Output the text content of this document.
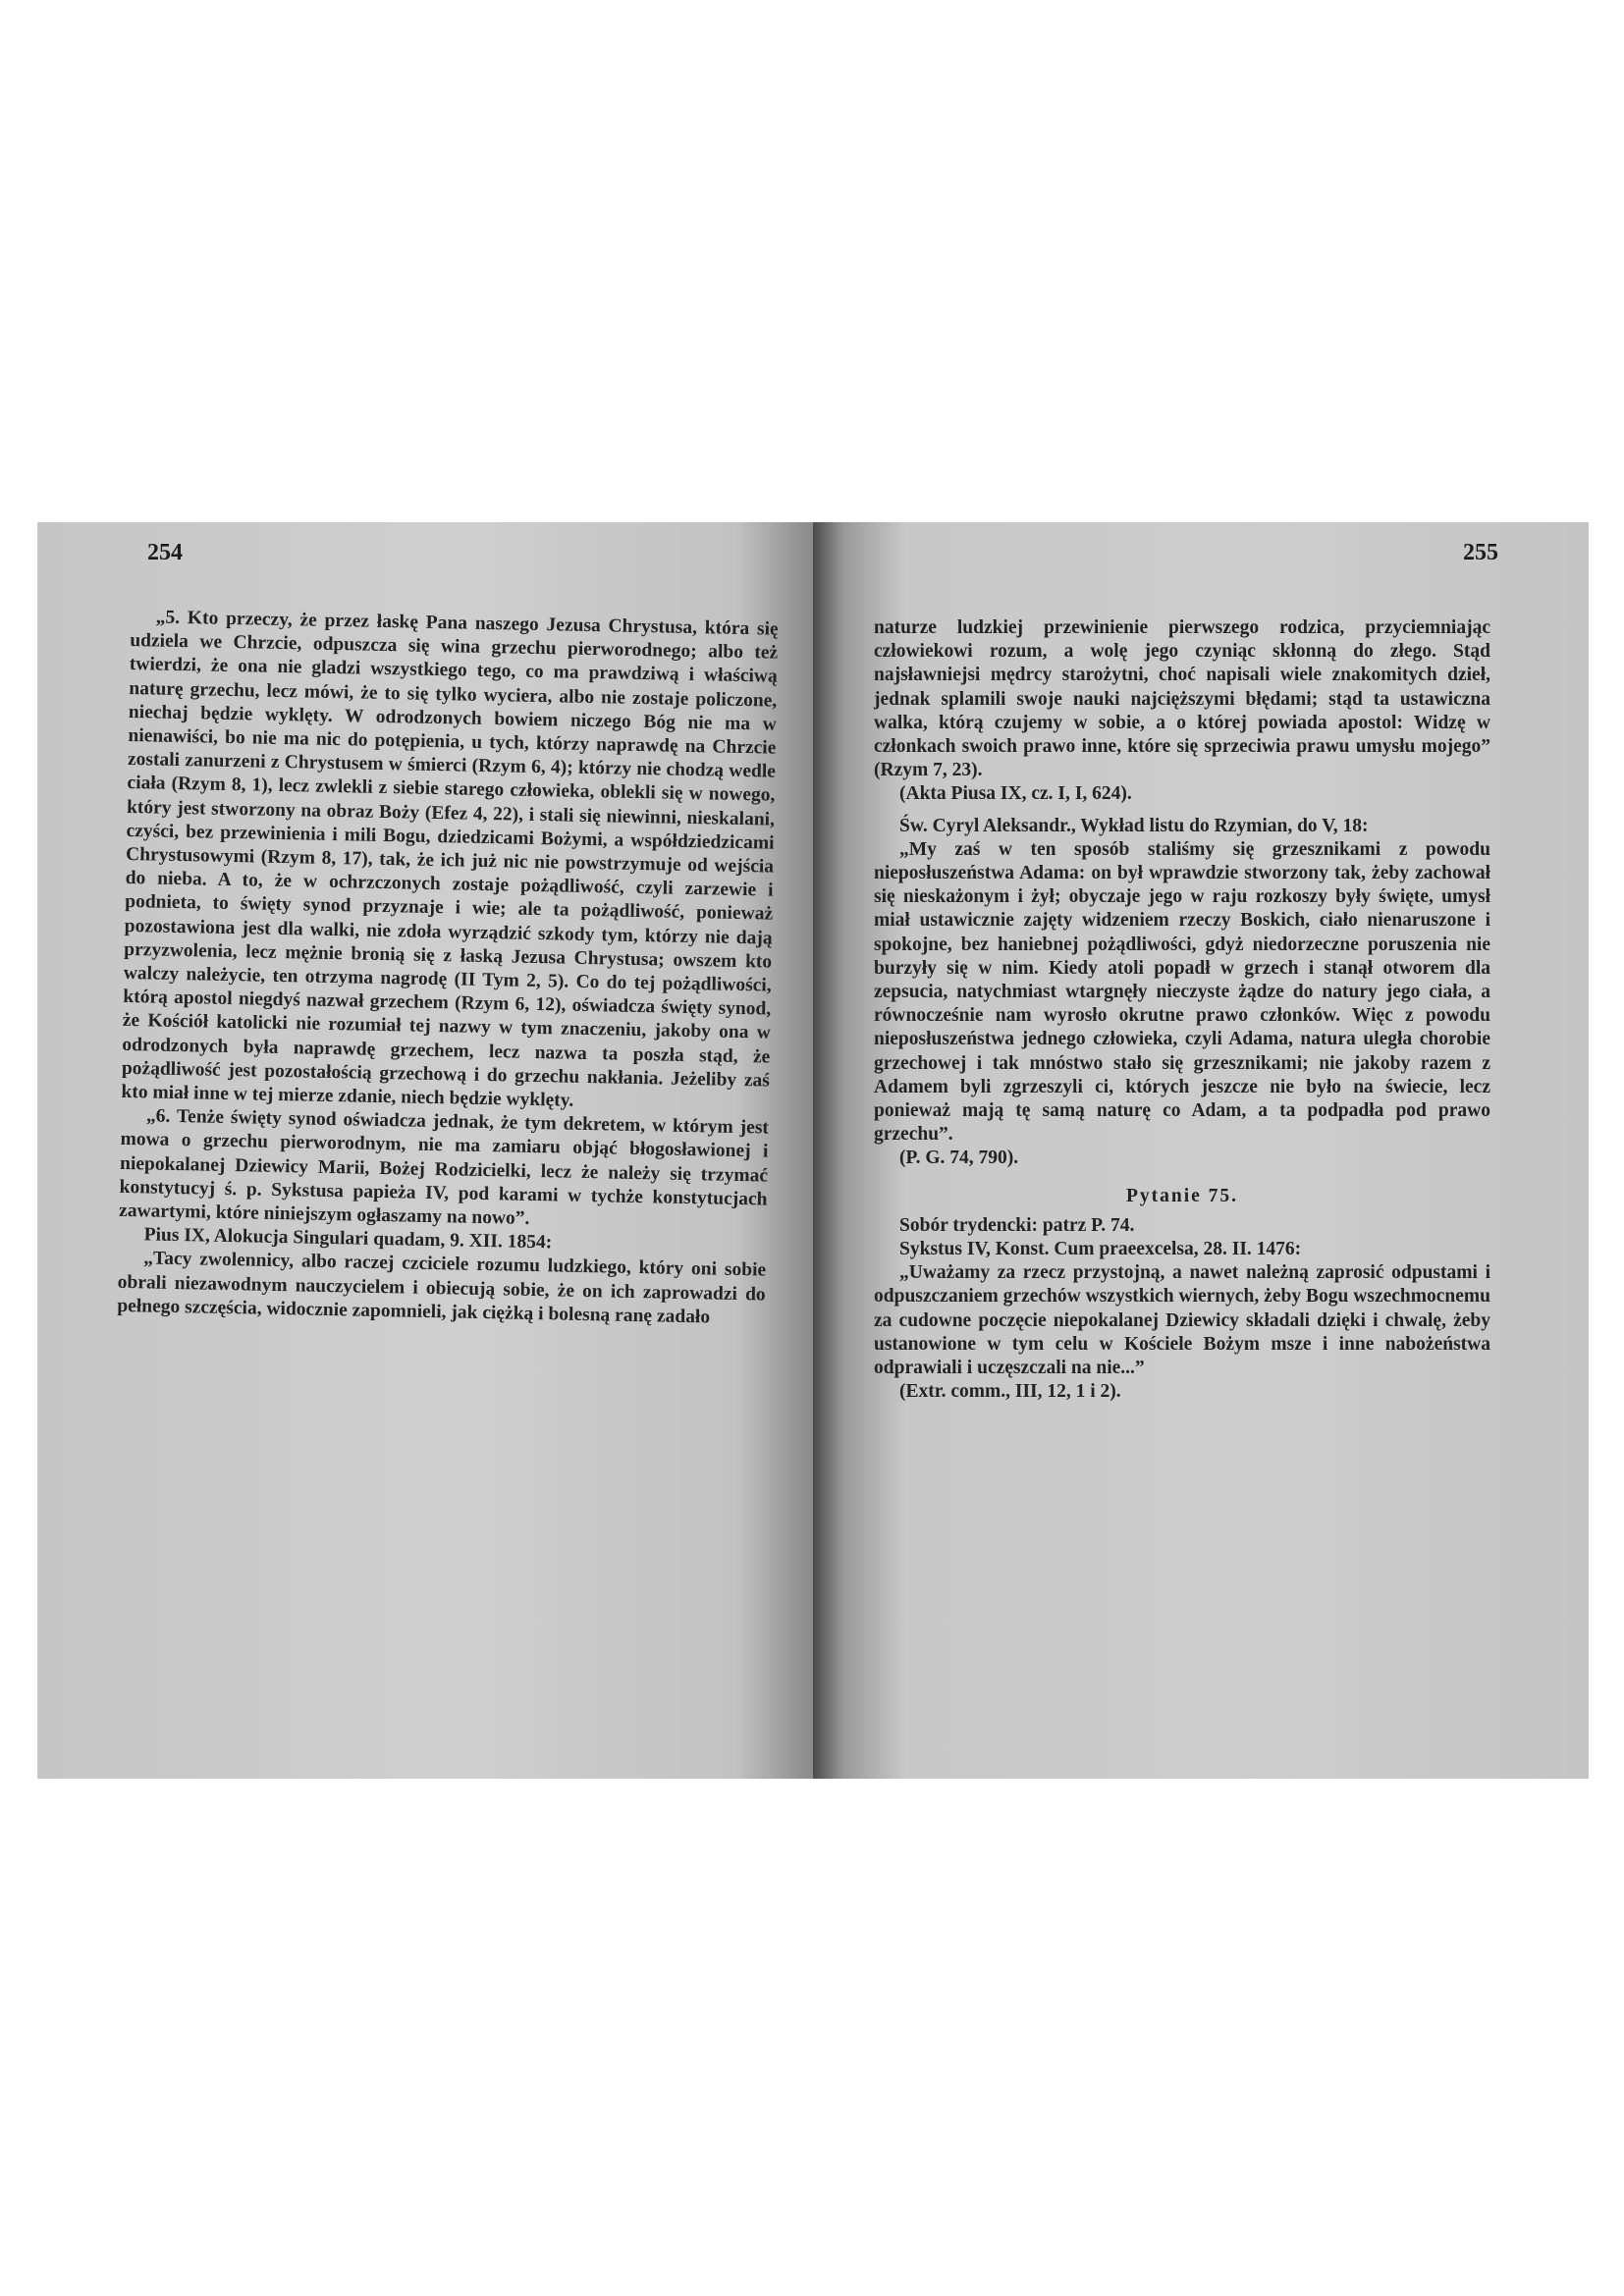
254

„5. Kto przeczy, że przez łaskę Pana naszego Jezusa Chrystusa, która się udziela we Chrzcie, odpuszcza się wina grzechu pierworodnego; albo też twierdzi, że ona nie gladzi wszystkiego tego, co ma prawdziwą i właściwą naturę grzechu, lecz mówi, że to się tylko wyciera, albo nie zostaje policzone, niechaj będzie wyklęty. W odrodzonych bowiem niczego Bóg nie ma w nienawiści, bo nie ma nic do potępienia, u tych, którzy naprawdę na Chrzcie zostali zanurzeni z Chrystusem w śmierci (Rzym 6, 4); którzy nie chodzą wedle ciała (Rzym 8, 1), lecz zwlekli z siebie starego człowieka, oblekli się w nowego, który jest stworzony na obraz Boży (Efez 4, 22), i stali się niewinni, nieskalani, czyści, bez przewinienia i mili Bogu, dziedzicami Bożymi, a współdziedzicami Chrystusowymi (Rzym 8, 17), tak, że ich już nic nie powstrzymuje od wejścia do nieba. A to, że w ochrzczonych zostaje pożądliwość, czyli zarzewie i podnieta, to święty synod przyznaje i wie; ale ta pożądliwość, ponieważ pozostawiona jest dla walki, nie zdoła wyrządzić szkody tym, którzy nie dają przyzwolenia, lecz mężnie bronią się z łaską Jezusa Chrystusa; owszem kto walczy należycie, ten otrzyma nagrodę (II Tym 2, 5). Co do tej pożądliwości, którą apostol niegdyś nazwał grzechem (Rzym 6, 12), oświadcza święty synod, że Kościół katolicki nie rozumiał tej nazwy w tym znaczeniu, jakoby ona w odrodzonych była naprawdę grzechem, lecz nazwa ta poszła stąd, że pożądliwość jest pozostałością grzechową i do grzechu nakłania. Jeżeliby zaś kto miał inne w tej mierze zdanie, niech będzie wyklęty.

„6. Tenże święty synod oświadcza jednak, że tym dekretem, w którym jest mowa o grzechu pierworodnym, nie ma zamiaru objąć błogosławionej i niepokalanej Dziewicy Marii, Bożej Rodzicielki, lecz że należy się trzymać konstytucyj ś. p. Sykstusa papieża IV, pod karami w tychże konstytucjach zawartymi, które niniejszym ogłaszamy na nowo”.

Pius IX, Alokucja Singulari quadam, 9. XII. 1854:

„Tacy zwolennicy, albo raczej czciciele rozumu ludzkiego, który oni sobie obrali niezawodnym nauczycielem i obiecują sobie, że on ich zaprowadzi do pełnego szczęścia, widocznie zapomnieli, jak ciężką i bolesną ranę zadało

255

naturze ludzkiej przewinienie pierwszego rodzica, przyciemniając człowiekowi rozum, a wolę jego czyniąc skłonną do złego. Stąd najsławniejsi mędrcy starożytni, choć napisali wiele znakomitych dzieł, jednak splamili swoje nauki najcięższymi błędami; stąd ta ustawiczna walka, którą czujemy w sobie, a o której powiada apostol: Widzę w członkach swoich prawo inne, które się sprzeciwia prawu umysłu mojego” (Rzym 7, 23).

(Akta Piusa IX, cz. I, I, 624).

Św. Cyryl Aleksandr., Wykład listu do Rzymian, do V, 18:

„My zaś w ten sposób staliśmy się grzesznikami z powodu nieposłuszeństwa Adama: on był wprawdzie stworzony tak, żeby zachował się nieskażonym i żył; obyczaje jego w raju rozkoszy były święte, umysł miał ustawicznie zajęty widzeniem rzeczy Boskich, ciało nienaruszone i spokojne, bez haniebnej pożądliwości, gdyż niedorzeczne poruszenia nie burzyły się w nim. Kiedy atoli popadł w grzech i stanął otworem dla zepsucia, natychmiast wtargnęły nieczyste żądze do natury jego ciała, a równocześnie nam wyrosło okrutne prawo członków. Więc z powodu nieposłuszeństwa jednego człowieka, czyli Adama, natura uległa chorobie grzechowej i tak mnóstwo stało się grzesznikami; nie jakoby razem z Adamem byli zgrzeszyli ci, których jeszcze nie było na świecie, lecz ponieważ mają tę samą naturę co Adam, a ta podpadła pod prawo grzechu”.

(P. G. 74, 790).

Pytanie 75.

Sobór trydencki: patrz P. 74.

Sykstus IV, Konst. Cum praeexcelsa, 28. II. 1476:

„Uważamy za rzecz przystojną, a nawet należną zaprosić odpustami i odpuszczaniem grzechów wszystkich wiernych, żeby Bogu wszechmocnemu za cudowne poczęcie niepokalanej Dziewicy składali dzięki i chwalę, żeby ustanowione w tym celu w Kościele Bożym msze i inne nabożeństwa odprawiali i uczęszczali na nie...”

(Extr. comm., III, 12, 1 i 2).
